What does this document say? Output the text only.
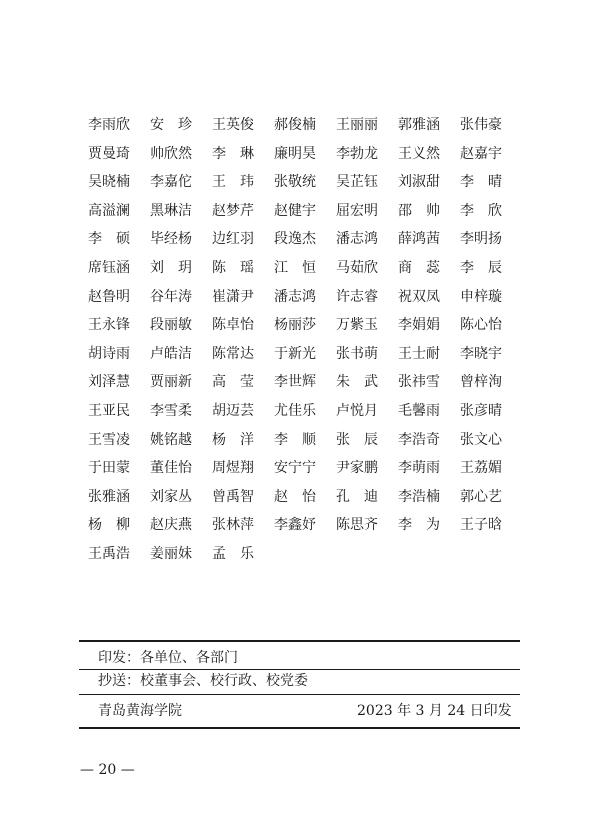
李雨欣	安　珍	王英俊	郝俊楠	王丽丽	郭雅涵	张伟豪
贾曼琦	帅欣然	李　琳	廉明昊	李勃龙	王义然	赵嘉宇
吴晓楠	李嘉佗	王　玮	张敬统	吴芷钰	刘淑甜	李　晴
高溢澜	黑琳洁	赵梦芹	赵健宇	屈宏明	邵　帅	李　欣
李　硕	毕经杨	边红羽	段逸杰	潘志鸿	薛鸿茜	李明扬
席钰涵	刘　玥	陈　瑶	江　恒	马茹欣	商　蕊	李　辰
赵鲁明	谷年涛	崔潇尹	潘志鸿	许志睿	祝双凤	申梓璇
王永锋	段丽敏	陈卓怡	杨丽莎	万紫玉	李娟娟	陈心怡
胡诗雨	卢皓洁	陈常达	于新光	张书萌	王士耐	李晓宇
刘泽慧	贾丽新	高　莹	李世辉	朱　武	张祎雪	曾梓洵
王亚民	李雪柔	胡迈芸	尤佳乐	卢悦月	毛馨雨	张彦晴
王雪凌	姚铭越	杨　洋	李　顺	张　辰	李浩奇	张文心
于田蒙	董佳怡	周煜翔	安宁宁	尹家鹏	李萌雨	王荔媚
张雅涵	刘家丛	曾禹智	赵　怡	孔　迪	李浩楠	郭心艺
杨　柳	赵庆燕	张林萍	李鑫妤	陈思齐	李　为	王子晗
王禹浩	姜丽妹	孟　乐
印发：各单位、各部门
抄送：校董事会、校行政、校党委
青岛黄海学院	2023 年 3 月 24 日印发
— 20 —
